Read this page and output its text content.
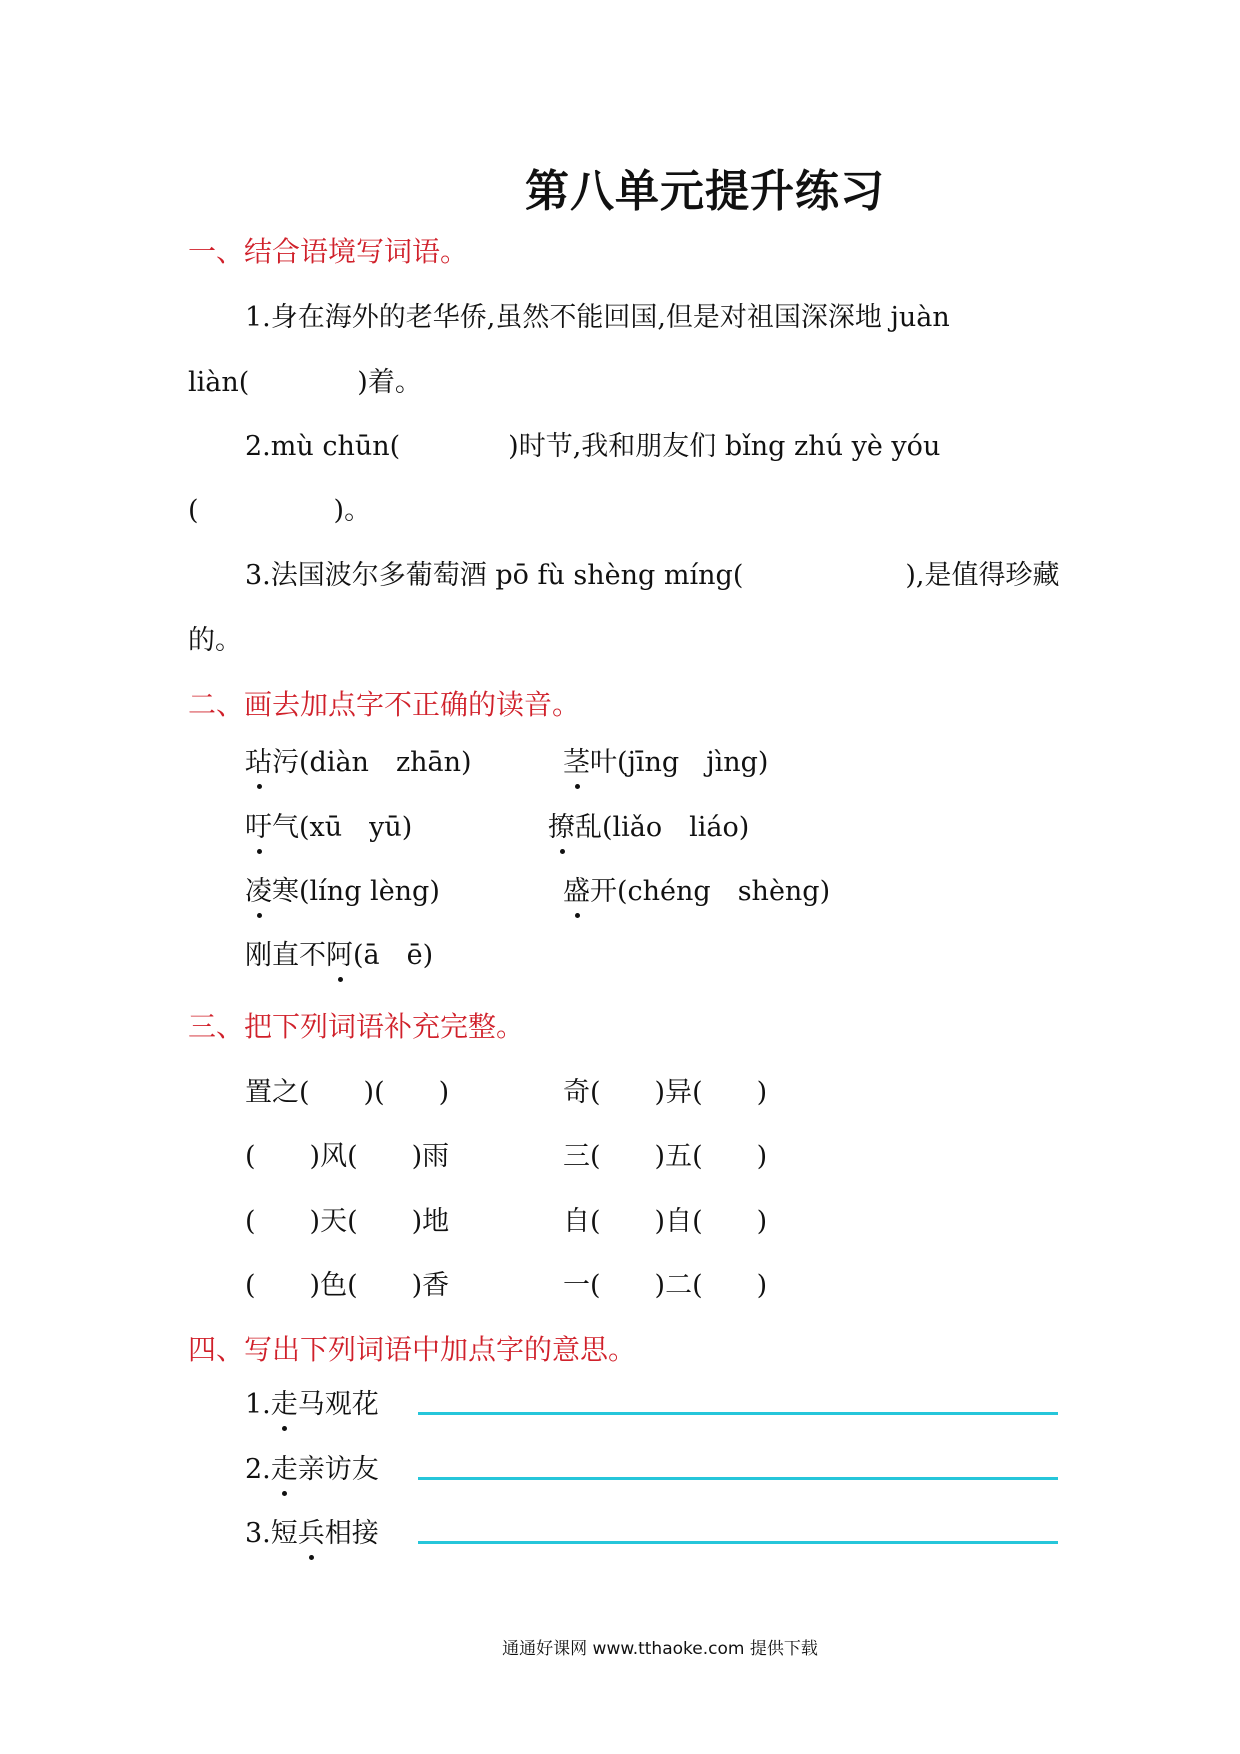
第八单元提升练习
一、结合语境写词语。
1.身在海外的老华侨,虽然不能回国,但是对祖国深深地 juàn
liàn(　　　　)着。
2.mù chūn(　　　　)时节,我和朋友们 bǐng zhú yè yóu
(　　　　　)。
3.法国波尔多葡萄酒 pō fù shèng míng(　　　　　　),是值得珍藏
的。
二、画去加点字不正确的读音。
玷污(diàn　zhān)	茎叶(jīng　jìng)
吁气(xū　yū)	撩乱(liǎo　liáo)
凌寒(líng lèng)	盛开(chéng　shèng)
刚直不阿(ā　ē)
三、把下列词语补充完整。
置之(　　)(　　)	奇(　　)异(　　)
(　　)风(　　)雨	三(　　)五(　　)
(　　)天(　　)地	自(　　)自(　　)
(　　)色(　　)香	一(　　)二(　　)
四、写出下列词语中加点字的意思。
1.走马观花
2.走亲访友
3.短兵相接
通通好课网 www.tthaoke.com 提供下载
